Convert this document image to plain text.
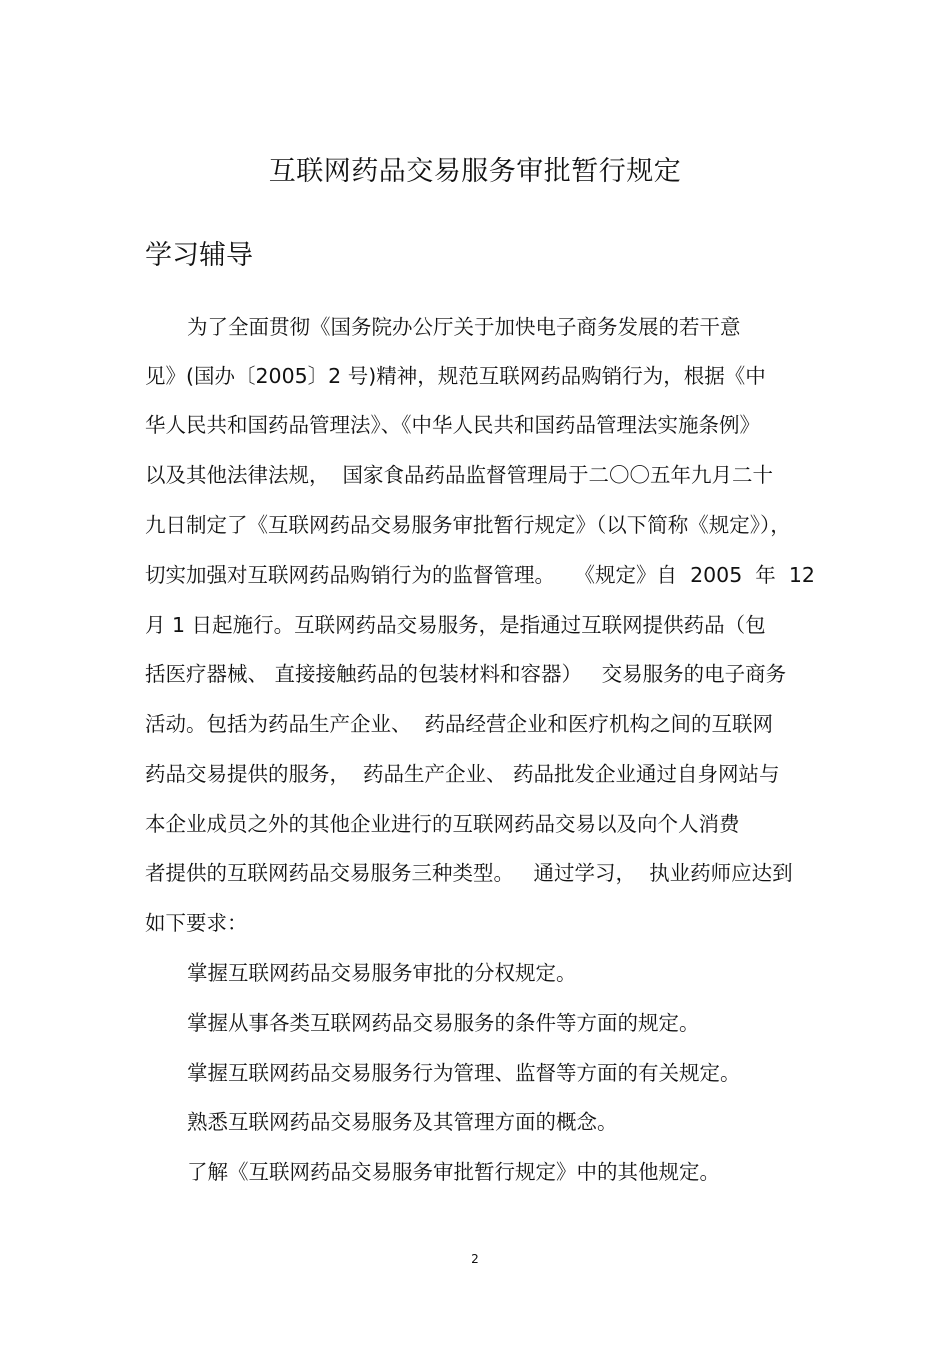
互联网药品交易服务审批暂行规定
学习辅导
为了全面贯彻《国务院办公厅关于加快电子商务发展的若干意
见》(国办〔2005〕2 号)精神，规范互联网药品购销行为，根据《中
华人民共和国药品管理法》、《中华人民共和国药品管理法实施条例》
以及其他法律法规，  国家食品药品监督管理局于二〇〇五年九月二十
九日制定了《互联网药品交易服务审批暂行规定》（以下简称《规定》），
切实加强对互联网药品购销行为的监督管理。   《规定》自  2005  年  12
月 1 日起施行。互联网药品交易服务，是指通过互联网提供药品（包
括医疗器械、 直接接触药品的包装材料和容器）   交易服务的电子商务
活动。包括为药品生产企业、  药品经营企业和医疗机构之间的互联网
药品交易提供的服务，  药品生产企业、 药品批发企业通过自身网站与
本企业成员之外的其他企业进行的互联网药品交易以及向个人消费
者提供的互联网药品交易服务三种类型。   通过学习，  执业药师应达到
如下要求：
掌握互联网药品交易服务审批的分权规定。
掌握从事各类互联网药品交易服务的条件等方面的规定。
掌握互联网药品交易服务行为管理、监督等方面的有关规定。
熟悉互联网药品交易服务及其管理方面的概念。
了解《互联网药品交易服务审批暂行规定》中的其他规定。
2
